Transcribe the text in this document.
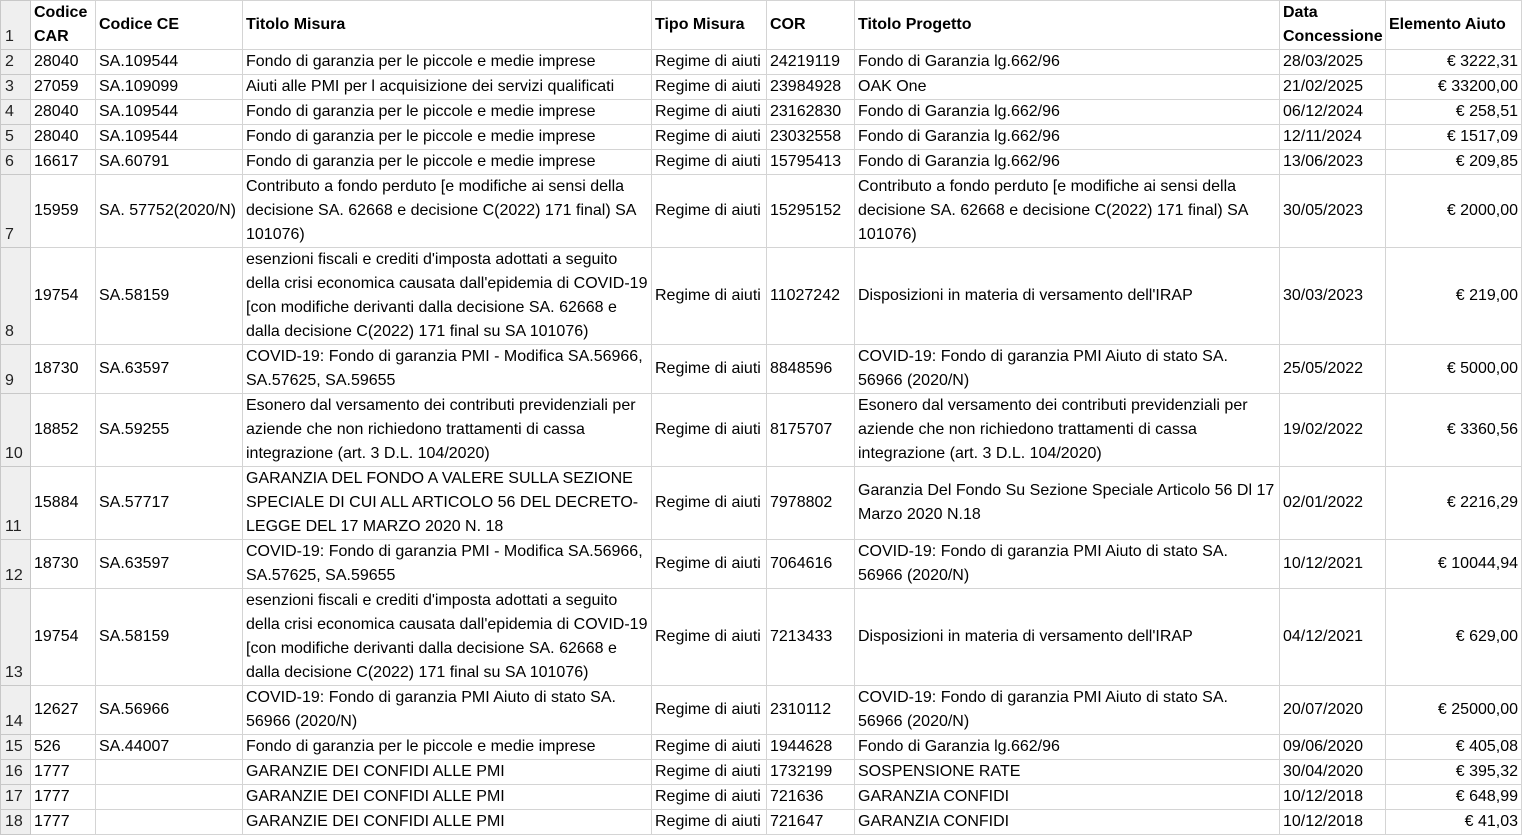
1	Codice CAR	Codice CE	Titolo Misura	Tipo Misura	COR	Titolo Progetto	Data Concessione	Elemento Aiuto
2	28040	SA.109544	Fondo di garanzia per le piccole e medie imprese	Regime di aiuti	24219119	Fondo di Garanzia lg.662/96	28/03/2025	€ 3222,31
3	27059	SA.109099	Aiuti alle PMI per l acquisizione dei servizi qualificati	Regime di aiuti	23984928	OAK One	21/02/2025	€ 33200,00
4	28040	SA.109544	Fondo di garanzia per le piccole e medie imprese	Regime di aiuti	23162830	Fondo di Garanzia lg.662/96	06/12/2024	€ 258,51
5	28040	SA.109544	Fondo di garanzia per le piccole e medie imprese	Regime di aiuti	23032558	Fondo di Garanzia lg.662/96	12/11/2024	€ 1517,09
6	16617	SA.60791	Fondo di garanzia per le piccole e medie imprese	Regime di aiuti	15795413	Fondo di Garanzia lg.662/96	13/06/2023	€ 209,85
7	15959	SA. 57752(2020/N)	Contributo a fondo perduto [e modifiche ai sensi della decisione SA. 62668 e decisione C(2022) 171 final) SA 101076)	Regime di aiuti	15295152	Contributo a fondo perduto [e modifiche ai sensi della decisione SA. 62668 e decisione C(2022) 171 final) SA 101076)	30/05/2023	€ 2000,00
8	19754	SA.58159	esenzioni fiscali e crediti d'imposta adottati a seguito della crisi economica causata dall'epidemia di COVID-19 [con modifiche derivanti dalla decisione SA. 62668 e dalla decisione C(2022) 171 final su SA 101076)	Regime di aiuti	11027242	Disposizioni in materia di versamento dell'IRAP	30/03/2023	€ 219,00
9	18730	SA.63597	COVID-19: Fondo di garanzia PMI - Modifica SA.56966, SA.57625, SA.59655	Regime di aiuti	8848596	COVID-19: Fondo di garanzia PMI Aiuto di stato SA. 56966 (2020/N)	25/05/2022	€ 5000,00
10	18852	SA.59255	Esonero dal versamento dei contributi previdenziali per aziende che non richiedono trattamenti di cassa integrazione (art. 3 D.L. 104/2020)	Regime di aiuti	8175707	Esonero dal versamento dei contributi previdenziali per aziende che non richiedono trattamenti di cassa integrazione (art. 3 D.L. 104/2020)	19/02/2022	€ 3360,56
11	15884	SA.57717	GARANZIA DEL FONDO A VALERE SULLA SEZIONE SPECIALE DI CUI ALL ARTICOLO 56 DEL DECRETO-LEGGE DEL 17 MARZO 2020 N. 18	Regime di aiuti	7978802	Garanzia Del Fondo Su Sezione Speciale Articolo 56 Dl 17 Marzo 2020 N.18	02/01/2022	€ 2216,29
12	18730	SA.63597	COVID-19: Fondo di garanzia PMI - Modifica SA.56966, SA.57625, SA.59655	Regime di aiuti	7064616	COVID-19: Fondo di garanzia PMI Aiuto di stato SA. 56966 (2020/N)	10/12/2021	€ 10044,94
13	19754	SA.58159	esenzioni fiscali e crediti d'imposta adottati a seguito della crisi economica causata dall'epidemia di COVID-19 [con modifiche derivanti dalla decisione SA. 62668 e dalla decisione C(2022) 171 final su SA 101076)	Regime di aiuti	7213433	Disposizioni in materia di versamento dell'IRAP	04/12/2021	€ 629,00
14	12627	SA.56966	COVID-19: Fondo di garanzia PMI Aiuto di stato SA. 56966 (2020/N)	Regime di aiuti	2310112	COVID-19: Fondo di garanzia PMI Aiuto di stato SA. 56966 (2020/N)	20/07/2020	€ 25000,00
15	526	SA.44007	Fondo di garanzia per le piccole e medie imprese	Regime di aiuti	1944628	Fondo di Garanzia lg.662/96	09/06/2020	€ 405,08
16	1777		GARANZIE DEI CONFIDI ALLE PMI	Regime di aiuti	1732199	SOSPENSIONE RATE	30/04/2020	€ 395,32
17	1777		GARANZIE DEI CONFIDI ALLE PMI	Regime di aiuti	721636	GARANZIA CONFIDI	10/12/2018	€ 648,99
18	1777		GARANZIE DEI CONFIDI ALLE PMI	Regime di aiuti	721647	GARANZIA CONFIDI	10/12/2018	€ 41,03
